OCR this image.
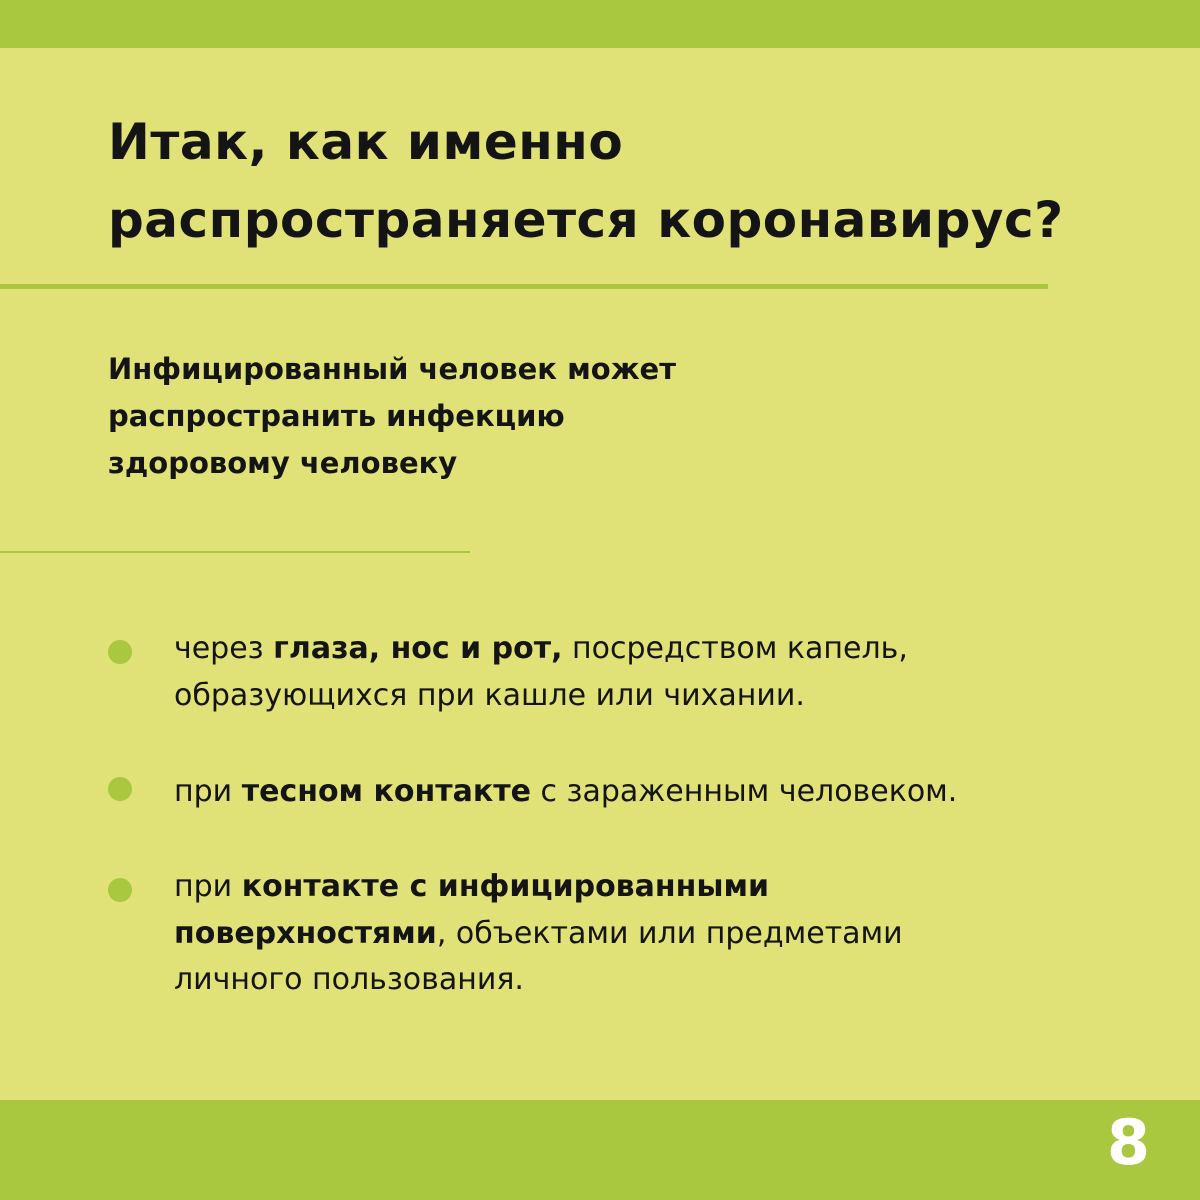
Итак, как именно
распространяется коронавирус?
Инфицированный человек может
распространить инфекцию
здоровому человеку
через глаза, нос и рот, посредством капель,
образующихся при кашле или чихании.
при тесном контакте с зараженным человеком.
при контакте с инфицированными
поверхностями, объектами или предметами
личного пользования.
8
